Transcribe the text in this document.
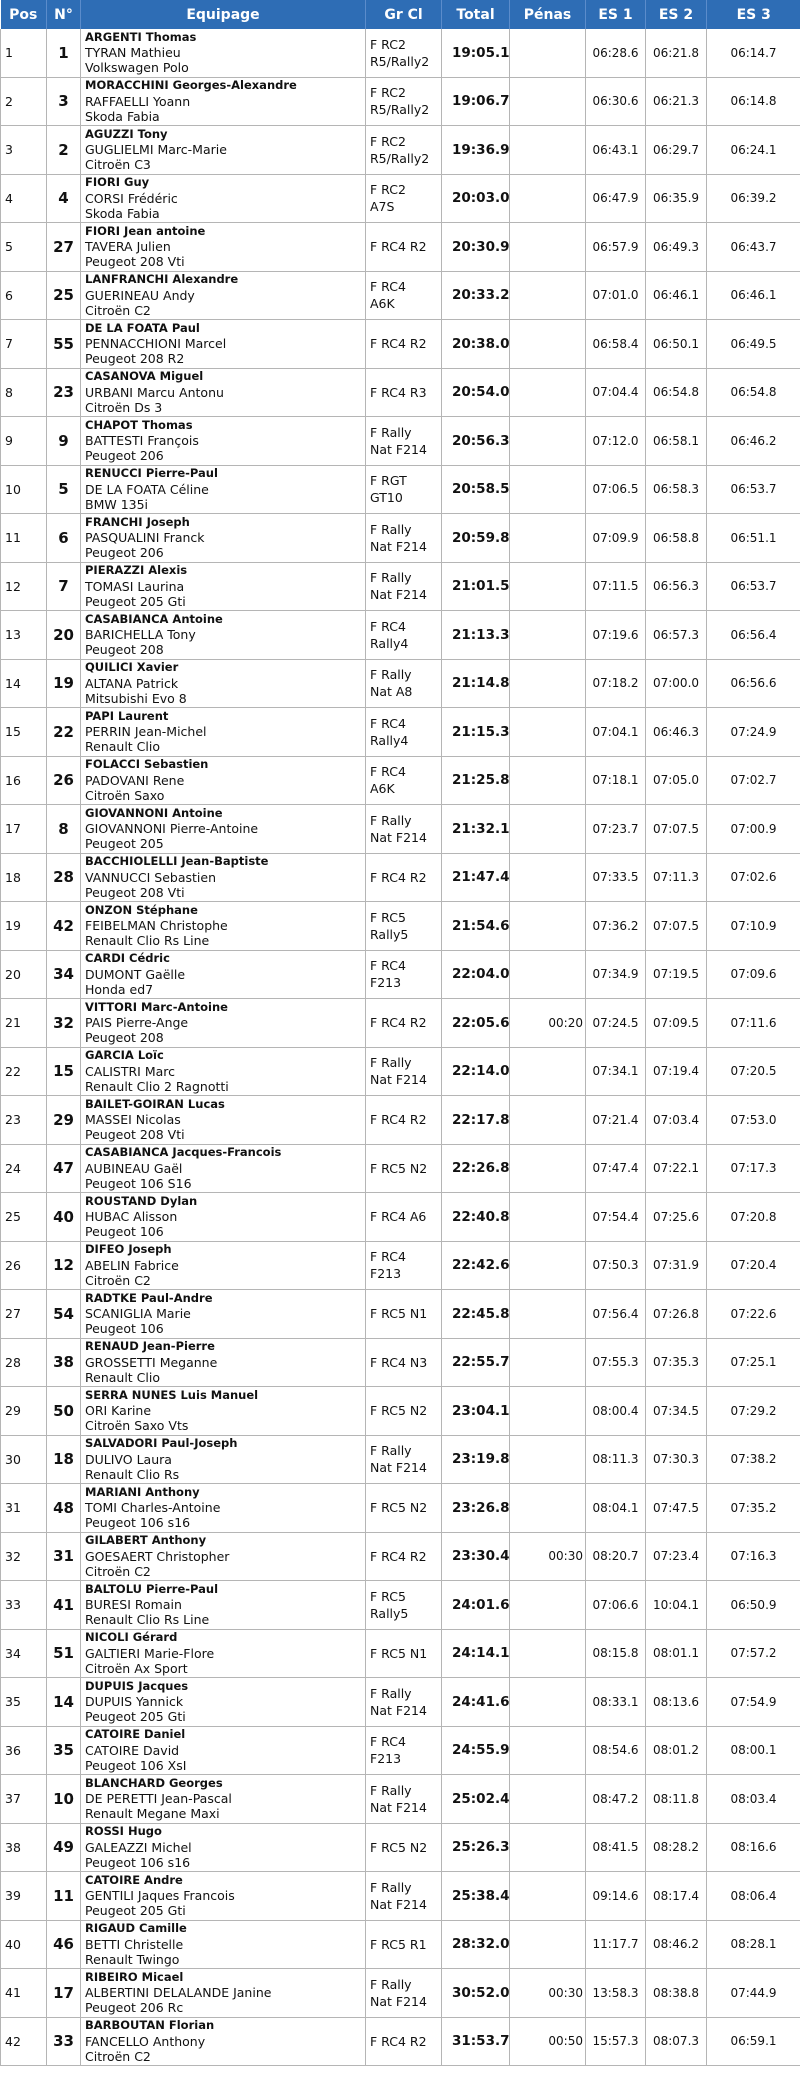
Pos	N°	Equipage	Gr Cl	Total	Pénas	ES 1	ES 2	ES 3
1	1	ARGENTI Thomas
TYRAN Mathieu
Volkswagen Polo	F RC2
R5/Rally2	19:05.1		06:28.6	06:21.8	06:14.7
2	3	MORACCHINI Georges-Alexandre
RAFFAELLI Yoann
Skoda Fabia	F RC2
R5/Rally2	19:06.7		06:30.6	06:21.3	06:14.8
3	2	AGUZZI Tony
GUGLIELMI Marc-Marie
Citroën C3	F RC2
R5/Rally2	19:36.9		06:43.1	06:29.7	06:24.1
4	4	FIORI Guy
CORSI Frédéric
Skoda Fabia	F RC2
A7S	20:03.0		06:47.9	06:35.9	06:39.2
5	27	FIORI Jean antoine
TAVERA Julien
Peugeot 208 Vti	F RC4 R2	20:30.9		06:57.9	06:49.3	06:43.7
6	25	LANFRANCHI Alexandre
GUERINEAU Andy
Citroën C2	F RC4
A6K	20:33.2		07:01.0	06:46.1	06:46.1
7	55	DE LA FOATA Paul
PENNACCHIONI Marcel
Peugeot 208 R2	F RC4 R2	20:38.0		06:58.4	06:50.1	06:49.5
8	23	CASANOVA Miguel
URBANI Marcu Antonu
Citroën Ds 3	F RC4 R3	20:54.0		07:04.4	06:54.8	06:54.8
9	9	CHAPOT Thomas
BATTESTI François
Peugeot 206	F Rally
Nat F214	20:56.3		07:12.0	06:58.1	06:46.2
10	5	RENUCCI Pierre-Paul
DE LA FOATA Céline
BMW 135i	F RGT
GT10	20:58.5		07:06.5	06:58.3	06:53.7
11	6	FRANCHI Joseph
PASQUALINI Franck
Peugeot 206	F Rally
Nat F214	20:59.8		07:09.9	06:58.8	06:51.1
12	7	PIERAZZI Alexis
TOMASI Laurina
Peugeot 205 Gti	F Rally
Nat F214	21:01.5		07:11.5	06:56.3	06:53.7
13	20	CASABIANCA Antoine
BARICHELLA Tony
Peugeot 208	F RC4
Rally4	21:13.3		07:19.6	06:57.3	06:56.4
14	19	QUILICI Xavier
ALTANA Patrick
Mitsubishi Evo 8	F Rally
Nat A8	21:14.8		07:18.2	07:00.0	06:56.6
15	22	PAPI Laurent
PERRIN Jean-Michel
Renault Clio	F RC4
Rally4	21:15.3		07:04.1	06:46.3	07:24.9
16	26	FOLACCI Sebastien
PADOVANI Rene
Citroën Saxo	F RC4
A6K	21:25.8		07:18.1	07:05.0	07:02.7
17	8	GIOVANNONI Antoine
GIOVANNONI Pierre-Antoine
Peugeot 205	F Rally
Nat F214	21:32.1		07:23.7	07:07.5	07:00.9
18	28	BACCHIOLELLI Jean-Baptiste
VANNUCCI Sebastien
Peugeot 208 Vti	F RC4 R2	21:47.4		07:33.5	07:11.3	07:02.6
19	42	ONZON Stéphane
FEIBELMAN Christophe
Renault Clio Rs Line	F RC5
Rally5	21:54.6		07:36.2	07:07.5	07:10.9
20	34	CARDI Cédric
DUMONT Gaëlle
Honda ed7	F RC4
F213	22:04.0		07:34.9	07:19.5	07:09.6
21	32	VITTORI Marc-Antoine
PAIS Pierre-Ange
Peugeot 208	F RC4 R2	22:05.6	00:20	07:24.5	07:09.5	07:11.6
22	15	GARCIA Loïc
CALISTRI Marc
Renault Clio 2 Ragnotti	F Rally
Nat F214	22:14.0		07:34.1	07:19.4	07:20.5
23	29	BAILET-GOIRAN Lucas
MASSEI Nicolas
Peugeot 208 Vti	F RC4 R2	22:17.8		07:21.4	07:03.4	07:53.0
24	47	CASABIANCA Jacques-Francois
AUBINEAU Gaël
Peugeot 106 S16	F RC5 N2	22:26.8		07:47.4	07:22.1	07:17.3
25	40	ROUSTAND Dylan
HUBAC Alisson
Peugeot 106	F RC4 A6	22:40.8		07:54.4	07:25.6	07:20.8
26	12	DIFEO Joseph
ABELIN Fabrice
Citroën C2	F RC4
F213	22:42.6		07:50.3	07:31.9	07:20.4
27	54	RADTKE Paul-Andre
SCANIGLIA Marie
Peugeot 106	F RC5 N1	22:45.8		07:56.4	07:26.8	07:22.6
28	38	RENAUD Jean-Pierre
GROSSETTI Meganne
Renault Clio	F RC4 N3	22:55.7		07:55.3	07:35.3	07:25.1
29	50	SERRA NUNES Luis Manuel
ORI Karine
Citroën Saxo Vts	F RC5 N2	23:04.1		08:00.4	07:34.5	07:29.2
30	18	SALVADORI Paul-Joseph
DULIVO Laura
Renault Clio Rs	F Rally
Nat F214	23:19.8		08:11.3	07:30.3	07:38.2
31	48	MARIANI Anthony
TOMI Charles-Antoine
Peugeot 106 s16	F RC5 N2	23:26.8		08:04.1	07:47.5	07:35.2
32	31	GILABERT Anthony
GOESAERT Christopher
Citroën C2	F RC4 R2	23:30.4	00:30	08:20.7	07:23.4	07:16.3
33	41	BALTOLU Pierre-Paul
BURESI Romain
Renault Clio Rs Line	F RC5
Rally5	24:01.6		07:06.6	10:04.1	06:50.9
34	51	NICOLI Gérard
GALTIERI Marie-Flore
Citroën Ax Sport	F RC5 N1	24:14.1		08:15.8	08:01.1	07:57.2
35	14	DUPUIS Jacques
DUPUIS Yannick
Peugeot 205 Gti	F Rally
Nat F214	24:41.6		08:33.1	08:13.6	07:54.9
36	35	CATOIRE Daniel
CATOIRE David
Peugeot 106 XsI	F RC4
F213	24:55.9		08:54.6	08:01.2	08:00.1
37	10	BLANCHARD Georges
DE PERETTI Jean-Pascal
Renault Megane Maxi	F Rally
Nat F214	25:02.4		08:47.2	08:11.8	08:03.4
38	49	ROSSI Hugo
GALEAZZI Michel
Peugeot 106 s16	F RC5 N2	25:26.3		08:41.5	08:28.2	08:16.6
39	11	CATOIRE Andre
GENTILI Jaques Francois
Peugeot 205 Gti	F Rally
Nat F214	25:38.4		09:14.6	08:17.4	08:06.4
40	46	RIGAUD Camille
BETTI Christelle
Renault Twingo	F RC5 R1	28:32.0		11:17.7	08:46.2	08:28.1
41	17	RIBEIRO Micael
ALBERTINI DELALANDE Janine
Peugeot 206 Rc	F Rally
Nat F214	30:52.0	00:30	13:58.3	08:38.8	07:44.9
42	33	BARBOUTAN Florian
FANCELLO Anthony
Citroën C2	F RC4 R2	31:53.7	00:50	15:57.3	08:07.3	06:59.1
